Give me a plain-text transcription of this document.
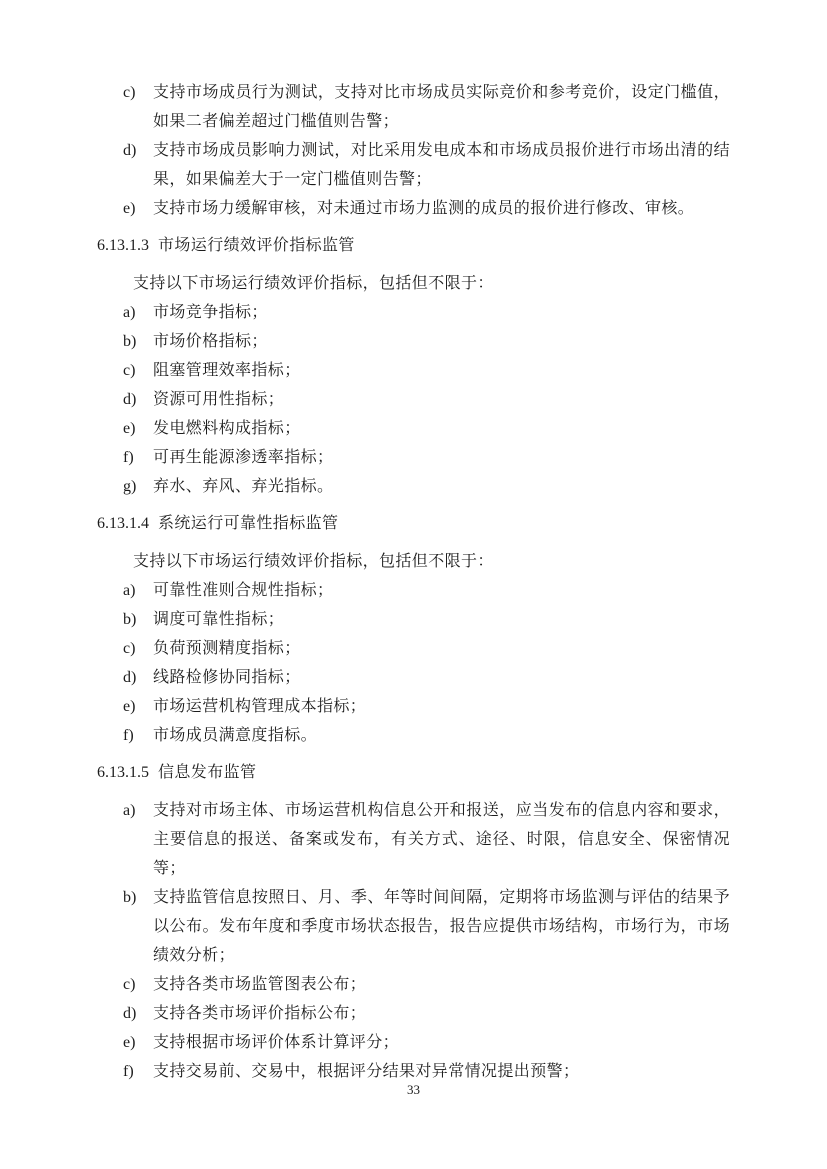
c)	支持市场成员行为测试，支持对比市场成员实际竞价和参考竞价，设定门槛值，如果二者偏差超过门槛值则告警；
d)	支持市场成员影响力测试，对比采用发电成本和市场成员报价进行市场出清的结果，如果偏差大于一定门槛值则告警；
e)	支持市场力缓解审核，对未通过市场力监测的成员的报价进行修改、审核。
6.13.1.3 市场运行绩效评价指标监管

支持以下市场运行绩效评价指标，包括但不限于：

a)	市场竞争指标；
b)	市场价格指标；
c)	阻塞管理效率指标；
d)	资源可用性指标；
e)	发电燃料构成指标；
f)	可再生能源渗透率指标；
g)	弃水、弃风、弃光指标。
6.13.1.4 系统运行可靠性指标监管

支持以下市场运行绩效评价指标，包括但不限于：

a)	可靠性准则合规性指标；
b)	调度可靠性指标；
c)	负荷预测精度指标；
d)	线路检修协同指标；
e)	市场运营机构管理成本指标；
f)	市场成员满意度指标。
6.13.1.5 信息发布监管
a)	支持对市场主体、市场运营机构信息公开和报送，应当发布的信息内容和要求，主要信息的报送、备案或发布，有关方式、途径、时限，信息安全、保密情况等；
b)	支持监管信息按照日、月、季、年等时间间隔，定期将市场监测与评估的结果予以公布。发布年度和季度市场状态报告，报告应提供市场结构，市场行为，市场绩效分析；
c)	支持各类市场监管图表公布；
d)	支持各类市场评价指标公布；
e)	支持根据市场评价体系计算评分；
f)	支持交易前、交易中，根据评分结果对异常情况提出预警；
33
